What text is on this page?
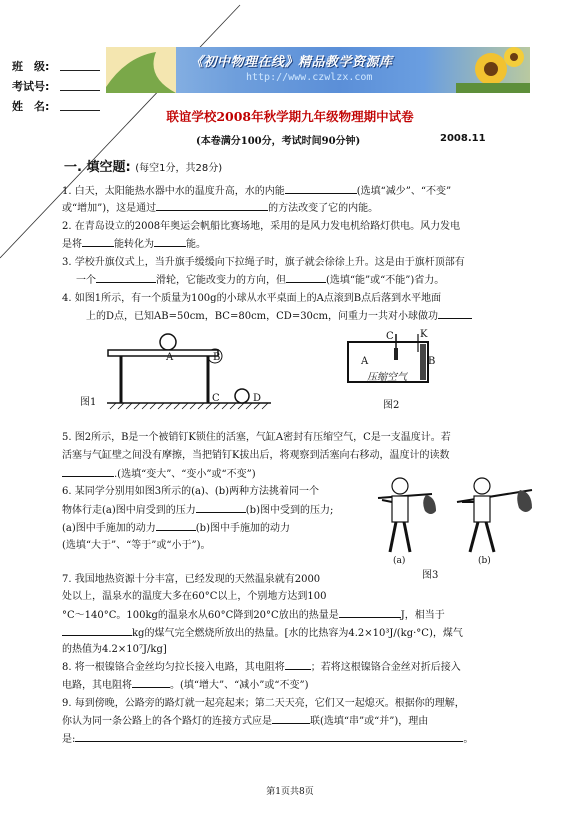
班　级:
考试号:
姓　名:
《初中物理在线》精品教学资源库
http://www.czwlzx.com
联谊学校2008年秋学期九年级物理期中试卷
(本卷满分100分，考试时间90分钟)	2008.11
一. 填空题: (每空1分，共28分)
1. 白天，太阳能热水器中水的温度升高，水的内能	(选填“减少”、“不变”
或“增加”)，这是通过	的方法改变了它的内能。
2. 在青岛设立的2008年奥运会帆船比赛场地，采用的是风力发电机给路灯供电。风力发电
是将	能转化为	能。
3. 学校升旗仪式上，当升旗手缓缓向下拉绳子时，旗子就会徐徐上升。这是由于旗杆顶部有
一个	滑轮，它能改变力的方向，但	(选填“能”或“不能”)省力。
4. 如图1所示，有一个质量为100g的小球从水平桌面上的A点滚到B点后落到水平地面
上的D点，已知AB=50cm，BC=80cm，CD=30cm，问重力一共对小球做功
A	B
C	D
图1
C	K
A	B
压缩空气
图2
5. 图2所示，B是一个被销钉K锁住的活塞，气缸A密封有压缩空气，C是一支温度计。若
活塞与气缸壁之间没有摩擦，当把销钉K拔出后，将观察到活塞向右移动，温度计的读数
.(选填“变大”、“变小”或“不变”)
6. 某同学分别用如图3所示的(a)、(b)两种方法挑着同一个
物体行走(a)图中肩受到的压力	(b)图中受到的压力;
(a)图中手施加的动力	(b)图中手施加的动力
(选填“大于”、“等于”或“小于”)。
(a)	(b)
图3
7. 我国地热资源十分丰富，已经发现的天然温泉就有2000
处以上，温泉水的温度大多在60°C以上，个别地方达到100
°C～140°C。100kg的温泉水从60°C降到20°C放出的热量是	J，相当于
kg的煤气完全燃烧所放出的热量。[水的比热容为4.2×10³J/(kg·°C)，煤气
的热值为4.2×10⁷J/kg]
8. 将一根镍铬合金丝均匀拉长接入电路，其电阻将	；若将这根镍铬合金丝对折后接入
电路，其电阻将	。(填“增大”、“减小”或“不变”)
9. 每到傍晚，公路旁的路灯就一起亮起来；第二天天亮，它们又一起熄灭。根据你的理解，
你认为同一条公路上的各个路灯的连接方式应是	联(选填“串”或“并”)，理由
是:	。
第1页共8页
